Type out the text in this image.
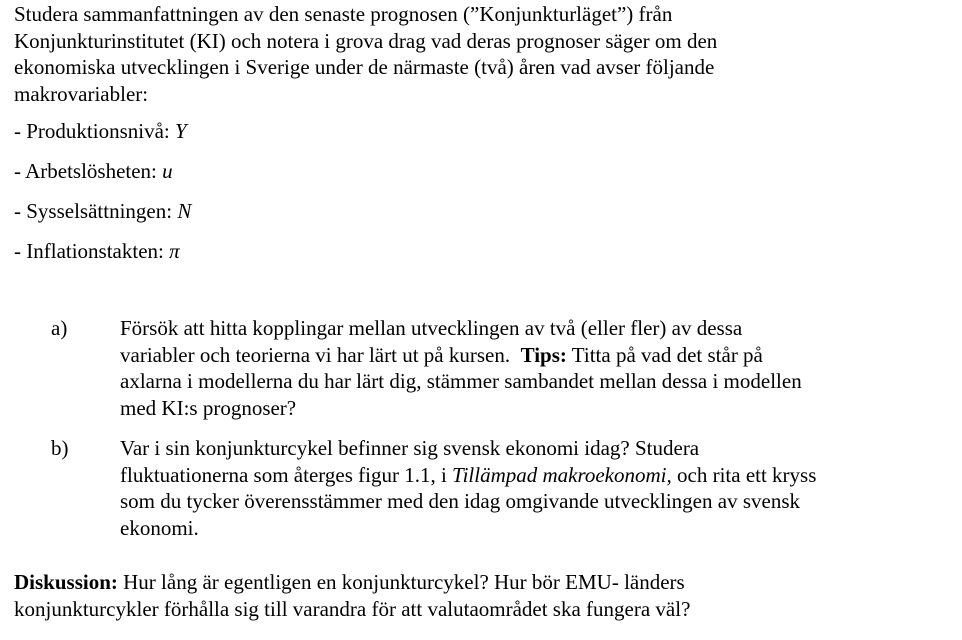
Studera sammanfattningen av den senaste prognosen (”Konjunkturläget”) från
Konjunkturinstitutet (KI) och notera i grova drag vad deras prognoser säger om den
ekonomiska utvecklingen i Sverige under de närmaste (två) åren vad avser följande
makrovariabler:

- Produktionsnivå: Y

- Arbetslösheten: u

- Sysselsättningen: N

- Inflationstakten: π

a)	Försök att hitta kopplingar mellan utvecklingen av två (eller fler) av dessa
variabler och teorierna vi har lärt ut på kursen.  Tips: Titta på vad det står på
axlarna i modellerna du har lärt dig, stämmer sambandet mellan dessa i modellen
med KI:s prognoser?

b) Var i sin konjunkturcykel befinner sig svensk ekonomi idag? Studera
fluktuationerna som återges figur 1.1, i Tillämpad makroekonomi, och rita ett kryss
som du tycker överensstämmer med den idag omgivande utvecklingen av svensk
ekonomi.

Diskussion: Hur lång är egentligen en konjunkturcykel? Hur bör EMU- länders
konjunkturcykler förhålla sig till varandra för att valutaområdet ska fungera väl?
